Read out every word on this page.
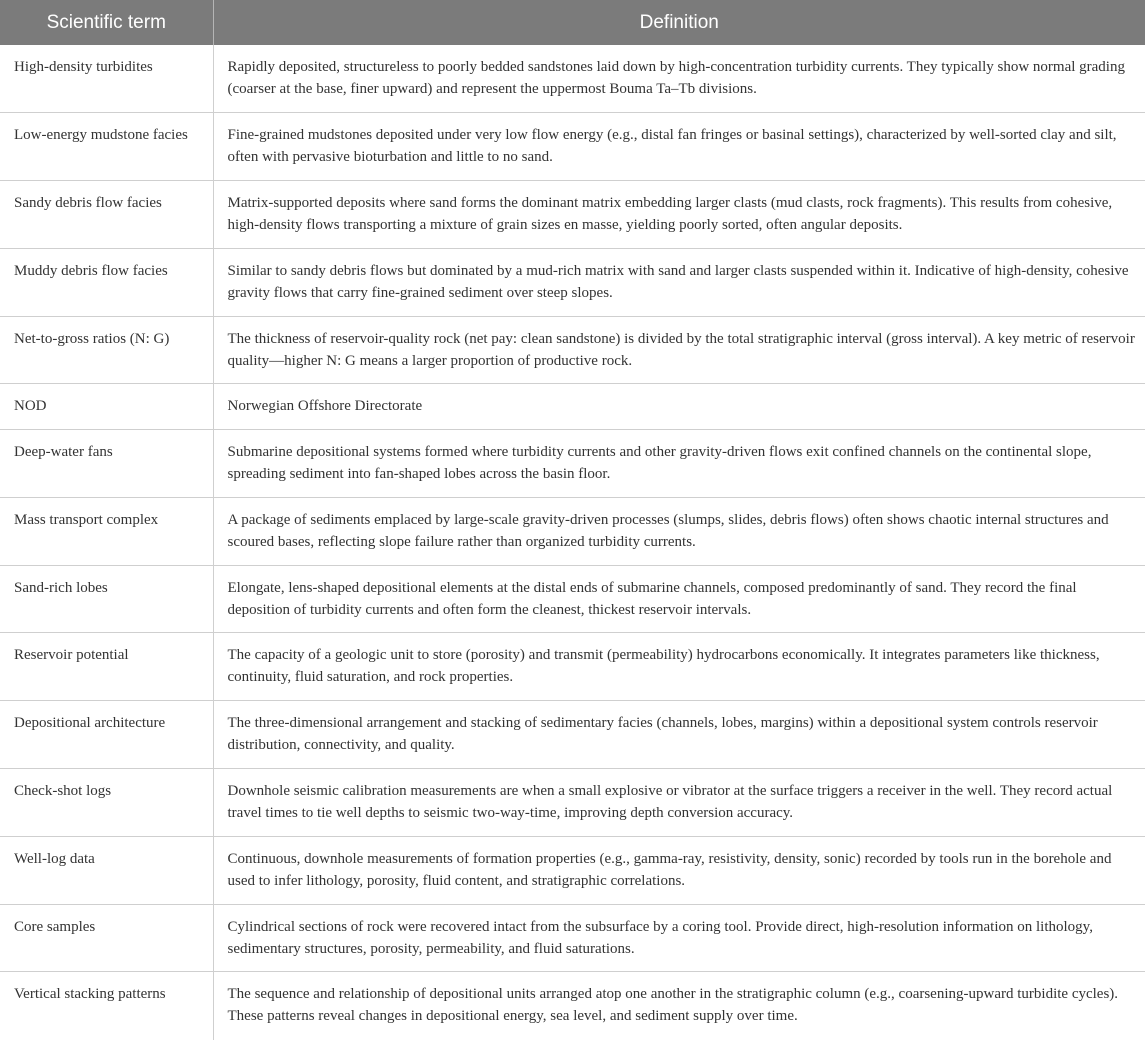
Scientific term	Definition
High-density turbidites	Rapidly deposited, structureless to poorly bedded sandstones laid down by high-concentration turbidity currents. They typically show normal grading (coarser at the base, finer upward) and represent the uppermost Bouma Ta–Tb divisions.
Low-energy mudstone facies	Fine-grained mudstones deposited under very low flow energy (e.g., distal fan fringes or basinal settings), characterized by well-sorted clay and silt, often with pervasive bioturbation and little to no sand.
Sandy debris flow facies	Matrix-supported deposits where sand forms the dominant matrix embedding larger clasts (mud clasts, rock fragments). This results from cohesive, high-density flows transporting a mixture of grain sizes en masse, yielding poorly sorted, often angular deposits.
Muddy debris flow facies	Similar to sandy debris flows but dominated by a mud-rich matrix with sand and larger clasts suspended within it. Indicative of high-density, cohesive gravity flows that carry fine-grained sediment over steep slopes.
Net-to-gross ratios (N: G)	The thickness of reservoir-quality rock (net pay: clean sandstone) is divided by the total stratigraphic interval (gross interval). A key metric of reservoir quality—higher N: G means a larger proportion of productive rock.
NOD	Norwegian Offshore Directorate
Deep-water fans	Submarine depositional systems formed where turbidity currents and other gravity-driven flows exit confined channels on the continental slope, spreading sediment into fan-shaped lobes across the basin floor.
Mass transport complex	A package of sediments emplaced by large-scale gravity-driven processes (slumps, slides, debris flows) often shows chaotic internal structures and scoured bases, reflecting slope failure rather than organized turbidity currents.
Sand-rich lobes	Elongate, lens-shaped depositional elements at the distal ends of submarine channels, composed predominantly of sand. They record the final deposition of turbidity currents and often form the cleanest, thickest reservoir intervals.
Reservoir potential	The capacity of a geologic unit to store (porosity) and transmit (permeability) hydrocarbons economically. It integrates parameters like thickness, continuity, fluid saturation, and rock properties.
Depositional architecture	The three-dimensional arrangement and stacking of sedimentary facies (channels, lobes, margins) within a depositional system controls reservoir distribution, connectivity, and quality.
Check-shot logs	Downhole seismic calibration measurements are when a small explosive or vibrator at the surface triggers a receiver in the well. They record actual travel times to tie well depths to seismic two-way-time, improving depth conversion accuracy.
Well-log data	Continuous, downhole measurements of formation properties (e.g., gamma-ray, resistivity, density, sonic) recorded by tools run in the borehole and used to infer lithology, porosity, fluid content, and stratigraphic correlations.
Core samples	Cylindrical sections of rock were recovered intact from the subsurface by a coring tool. Provide direct, high-resolution information on lithology, sedimentary structures, porosity, permeability, and fluid saturations.
Vertical stacking patterns	The sequence and relationship of depositional units arranged atop one another in the stratigraphic column (e.g., coarsening-upward turbidite cycles). These patterns reveal changes in depositional energy, sea level, and sediment supply over time.
